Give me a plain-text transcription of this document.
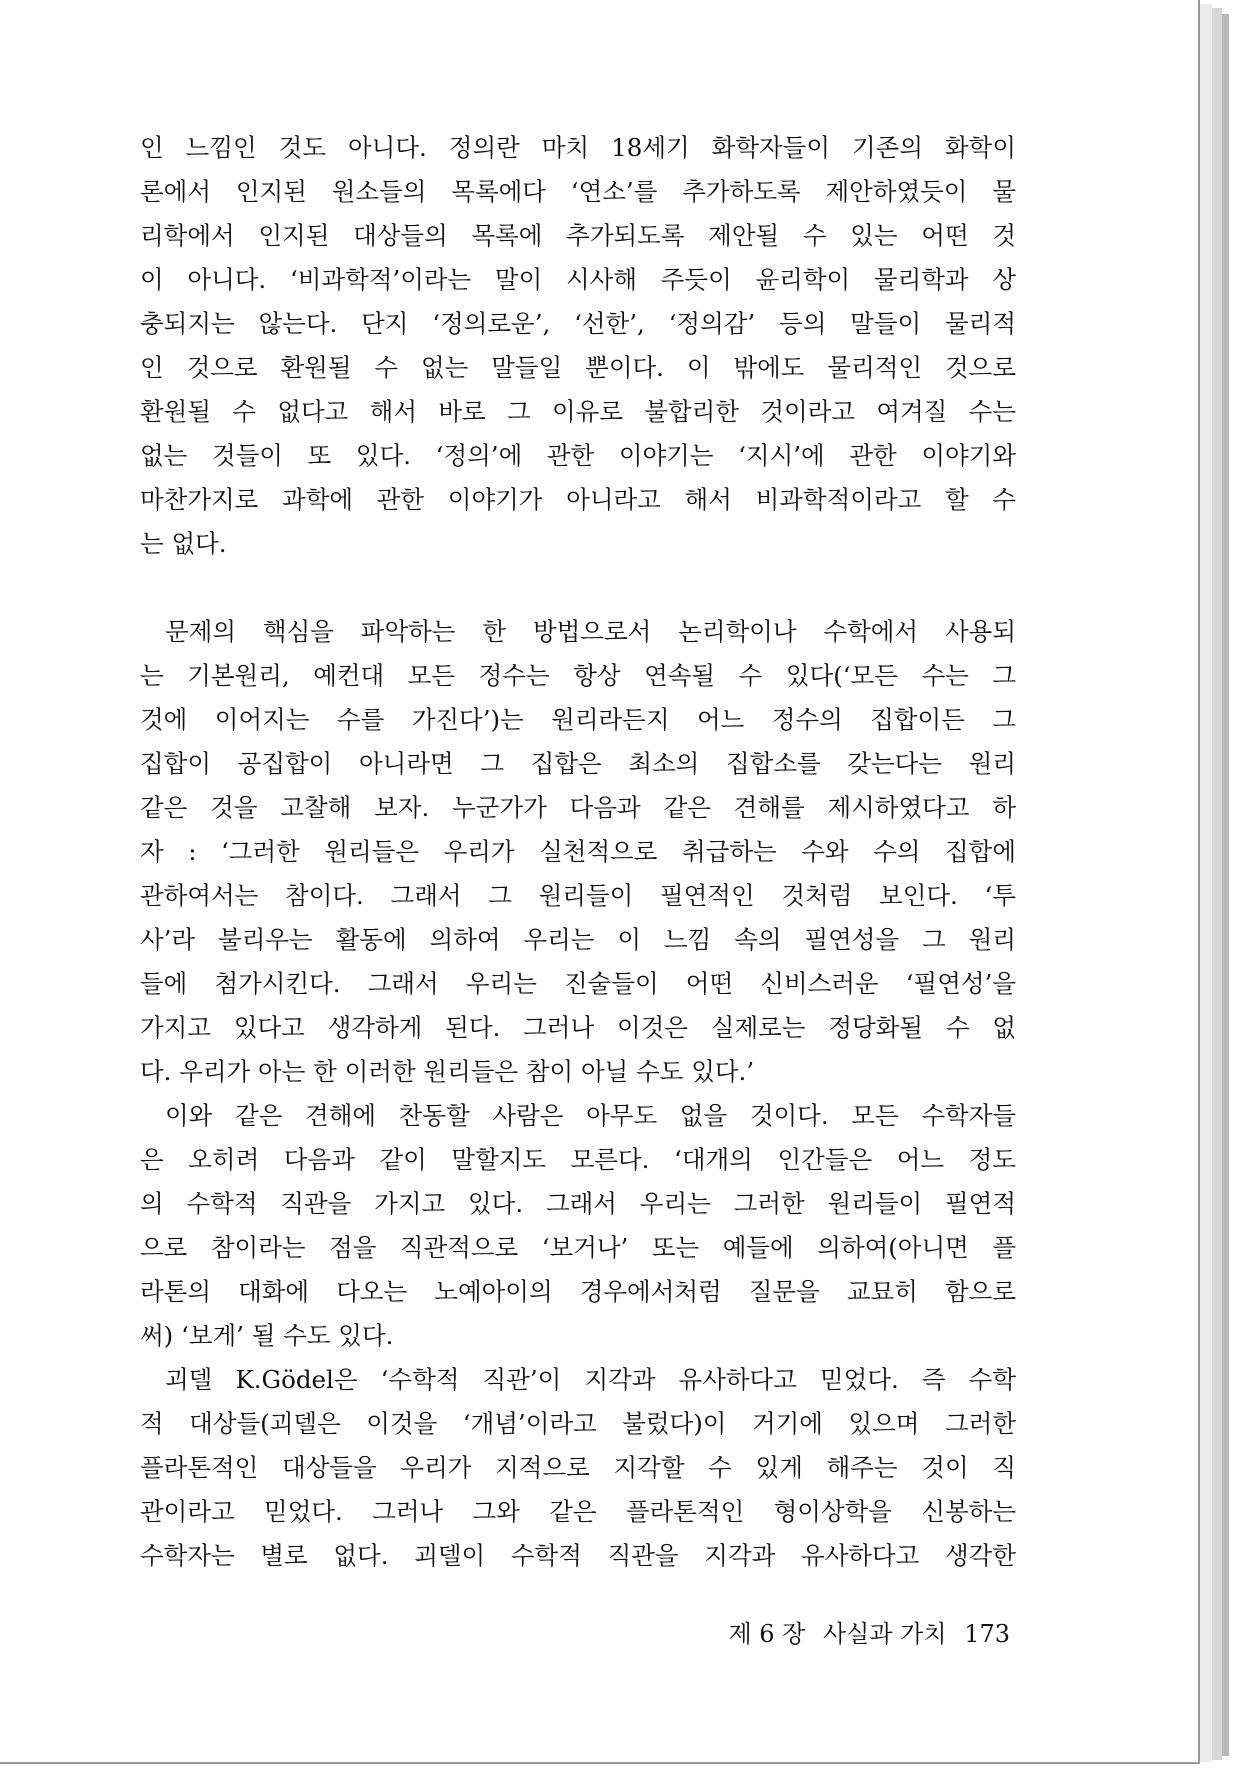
인 느낌인 것도 아니다. 정의란 마치 18세기 화학자들이 기존의 화학이
론에서 인지된 원소들의 목록에다 ‘연소’를 추가하도록 제안하였듯이 물
리학에서 인지된 대상들의 목록에 추가되도록 제안될 수 있는 어떤 것
이 아니다. ‘비과학적’이라는 말이 시사해 주듯이 윤리학이 물리학과 상
충되지는 않는다. 단지 ‘정의로운’, ‘선한’, ‘정의감’ 등의 말들이 물리적
인 것으로 환원될 수 없는 말들일 뿐이다. 이 밖에도 물리적인 것으로
환원될 수 없다고 해서 바로 그 이유로 불합리한 것이라고 여겨질 수는
없는 것들이 또 있다. ‘정의’에 관한 이야기는 ‘지시’에 관한 이야기와
마찬가지로 과학에 관한 이야기가 아니라고 해서 비과학적이라고 할 수
는 없다.
문제의 핵심을 파악하는 한 방법으로서 논리학이나 수학에서 사용되
는 기본원리, 예컨대 모든 정수는 항상 연속될 수 있다(‘모든 수는 그
것에 이어지는 수를 가진다’)는 원리라든지 어느 정수의 집합이든 그
집합이 공집합이 아니라면 그 집합은 최소의 집합소를 갖는다는 원리
같은 것을 고찰해 보자. 누군가가 다음과 같은 견해를 제시하였다고 하
자 : ‘그러한 원리들은 우리가 실천적으로 취급하는 수와 수의 집합에
관하여서는 참이다. 그래서 그 원리들이 필연적인 것처럼 보인다. ‘투
사’라 불리우는 활동에 의하여 우리는 이 느낌 속의 필연성을 그 원리
들에 첨가시킨다. 그래서 우리는 진술들이 어떤 신비스러운 ‘필연성’을
가지고 있다고 생각하게 된다. 그러나 이것은 실제로는 정당화될 수 없
다. 우리가 아는 한 이러한 원리들은 참이 아닐 수도 있다.’
이와 같은 견해에 찬동할 사람은 아무도 없을 것이다. 모든 수학자들
은 오히려 다음과 같이 말할지도 모른다. ‘대개의 인간들은 어느 정도
의 수학적 직관을 가지고 있다. 그래서 우리는 그러한 원리들이 필연적
으로 참이라는 점을 직관적으로 ‘보거나’ 또는 예들에 의하여(아니면 플
라톤의 대화에 다오는 노예아이의 경우에서처럼 질문을 교묘히 함으로
써) ‘보게’ 될 수도 있다.
괴델 K.Gödel은 ‘수학적 직관’이 지각과 유사하다고 믿었다. 즉 수학
적 대상들(괴델은 이것을 ‘개념’이라고 불렀다)이 거기에 있으며 그러한
플라톤적인 대상들을 우리가 지적으로 지각할 수 있게 해주는 것이 직
관이라고 믿었다. 그러나 그와 같은 플라톤적인 형이상학을 신봉하는
수학자는 별로 없다. 괴델이 수학적 직관을 지각과 유사하다고 생각한
제 6 장 사실과 가치 173
